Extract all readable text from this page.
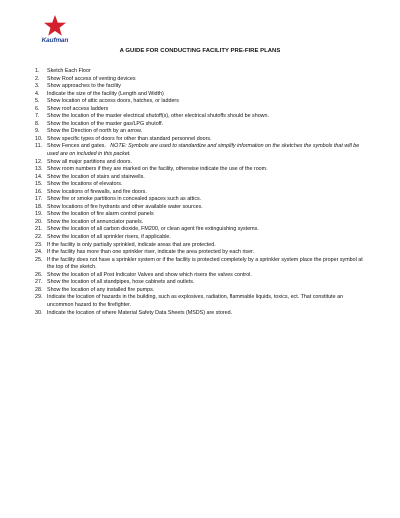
Kaufman
A GUIDE FOR CONDUCTING FACILITY PRE-FIRE PLANS
1. Sketch Each Floor
2. Show Roof access of venting devices
3. Show approaches to the facility
4. Indicate the size of the facility (Length and Width)
5. Show location of attic access doors, hatches, or ladders
6. Show roof access ladders
7. Show the location of the master electrical shutoff(s), other electrical shutoffs should be shown.
8. Show the location of the master gas/LPG shutoff.
9. Show the Direction of north by an arrow.
10. Show specific types of doors for other than standard personnel doors.
11. Show Fences and gates. NOTE: Symbols are used to standardize and simplify information on the sketches the symbols that will be used are on included in this packet.
12. Show all major partitions and doors.
13. Show room numbers if they are marked on the facility, otherwise indicate the use of the room.
14. Show the location of stairs and stairwells.
15. Show the locations of elevators.
16. Show locations of firewalls, and fire doors.
17. Show fire or smoke partitions in concealed spaces such as attics.
18. Show locations of fire hydrants and other available water sources.
19. Show the location of fire alarm control panels
20. Show the location of annunciator panels.
21. Show the location of all carbon dioxide, FM200, or clean agent fire extinguishing systems.
22. Show the location of all sprinkler risers, if applicable.
23. If the facility is only partially sprinkled, indicate areas that are protected.
24. If the facility has more than one sprinkler riser, indicate the area protected by each riser.
25. If the facility does not have a sprinkler system or if the facility is protected completely by a sprinkler system place the proper symbol at the top of the sketch.
26. Show the location of all Post Indicator Valves and show which risers the valves control.
27. Show the location of all standpipes, hose cabinets and outlets.
28. Show the location of any installed fire pumps.
29. Indicate the location of hazards in the building, such as explosives, radiation, flammable liquids, toxics, ect. That constitute an uncommon hazard to the firefighter.
30. Indicate the location of where Material Safety Data Sheets (MSDS) are stored.
